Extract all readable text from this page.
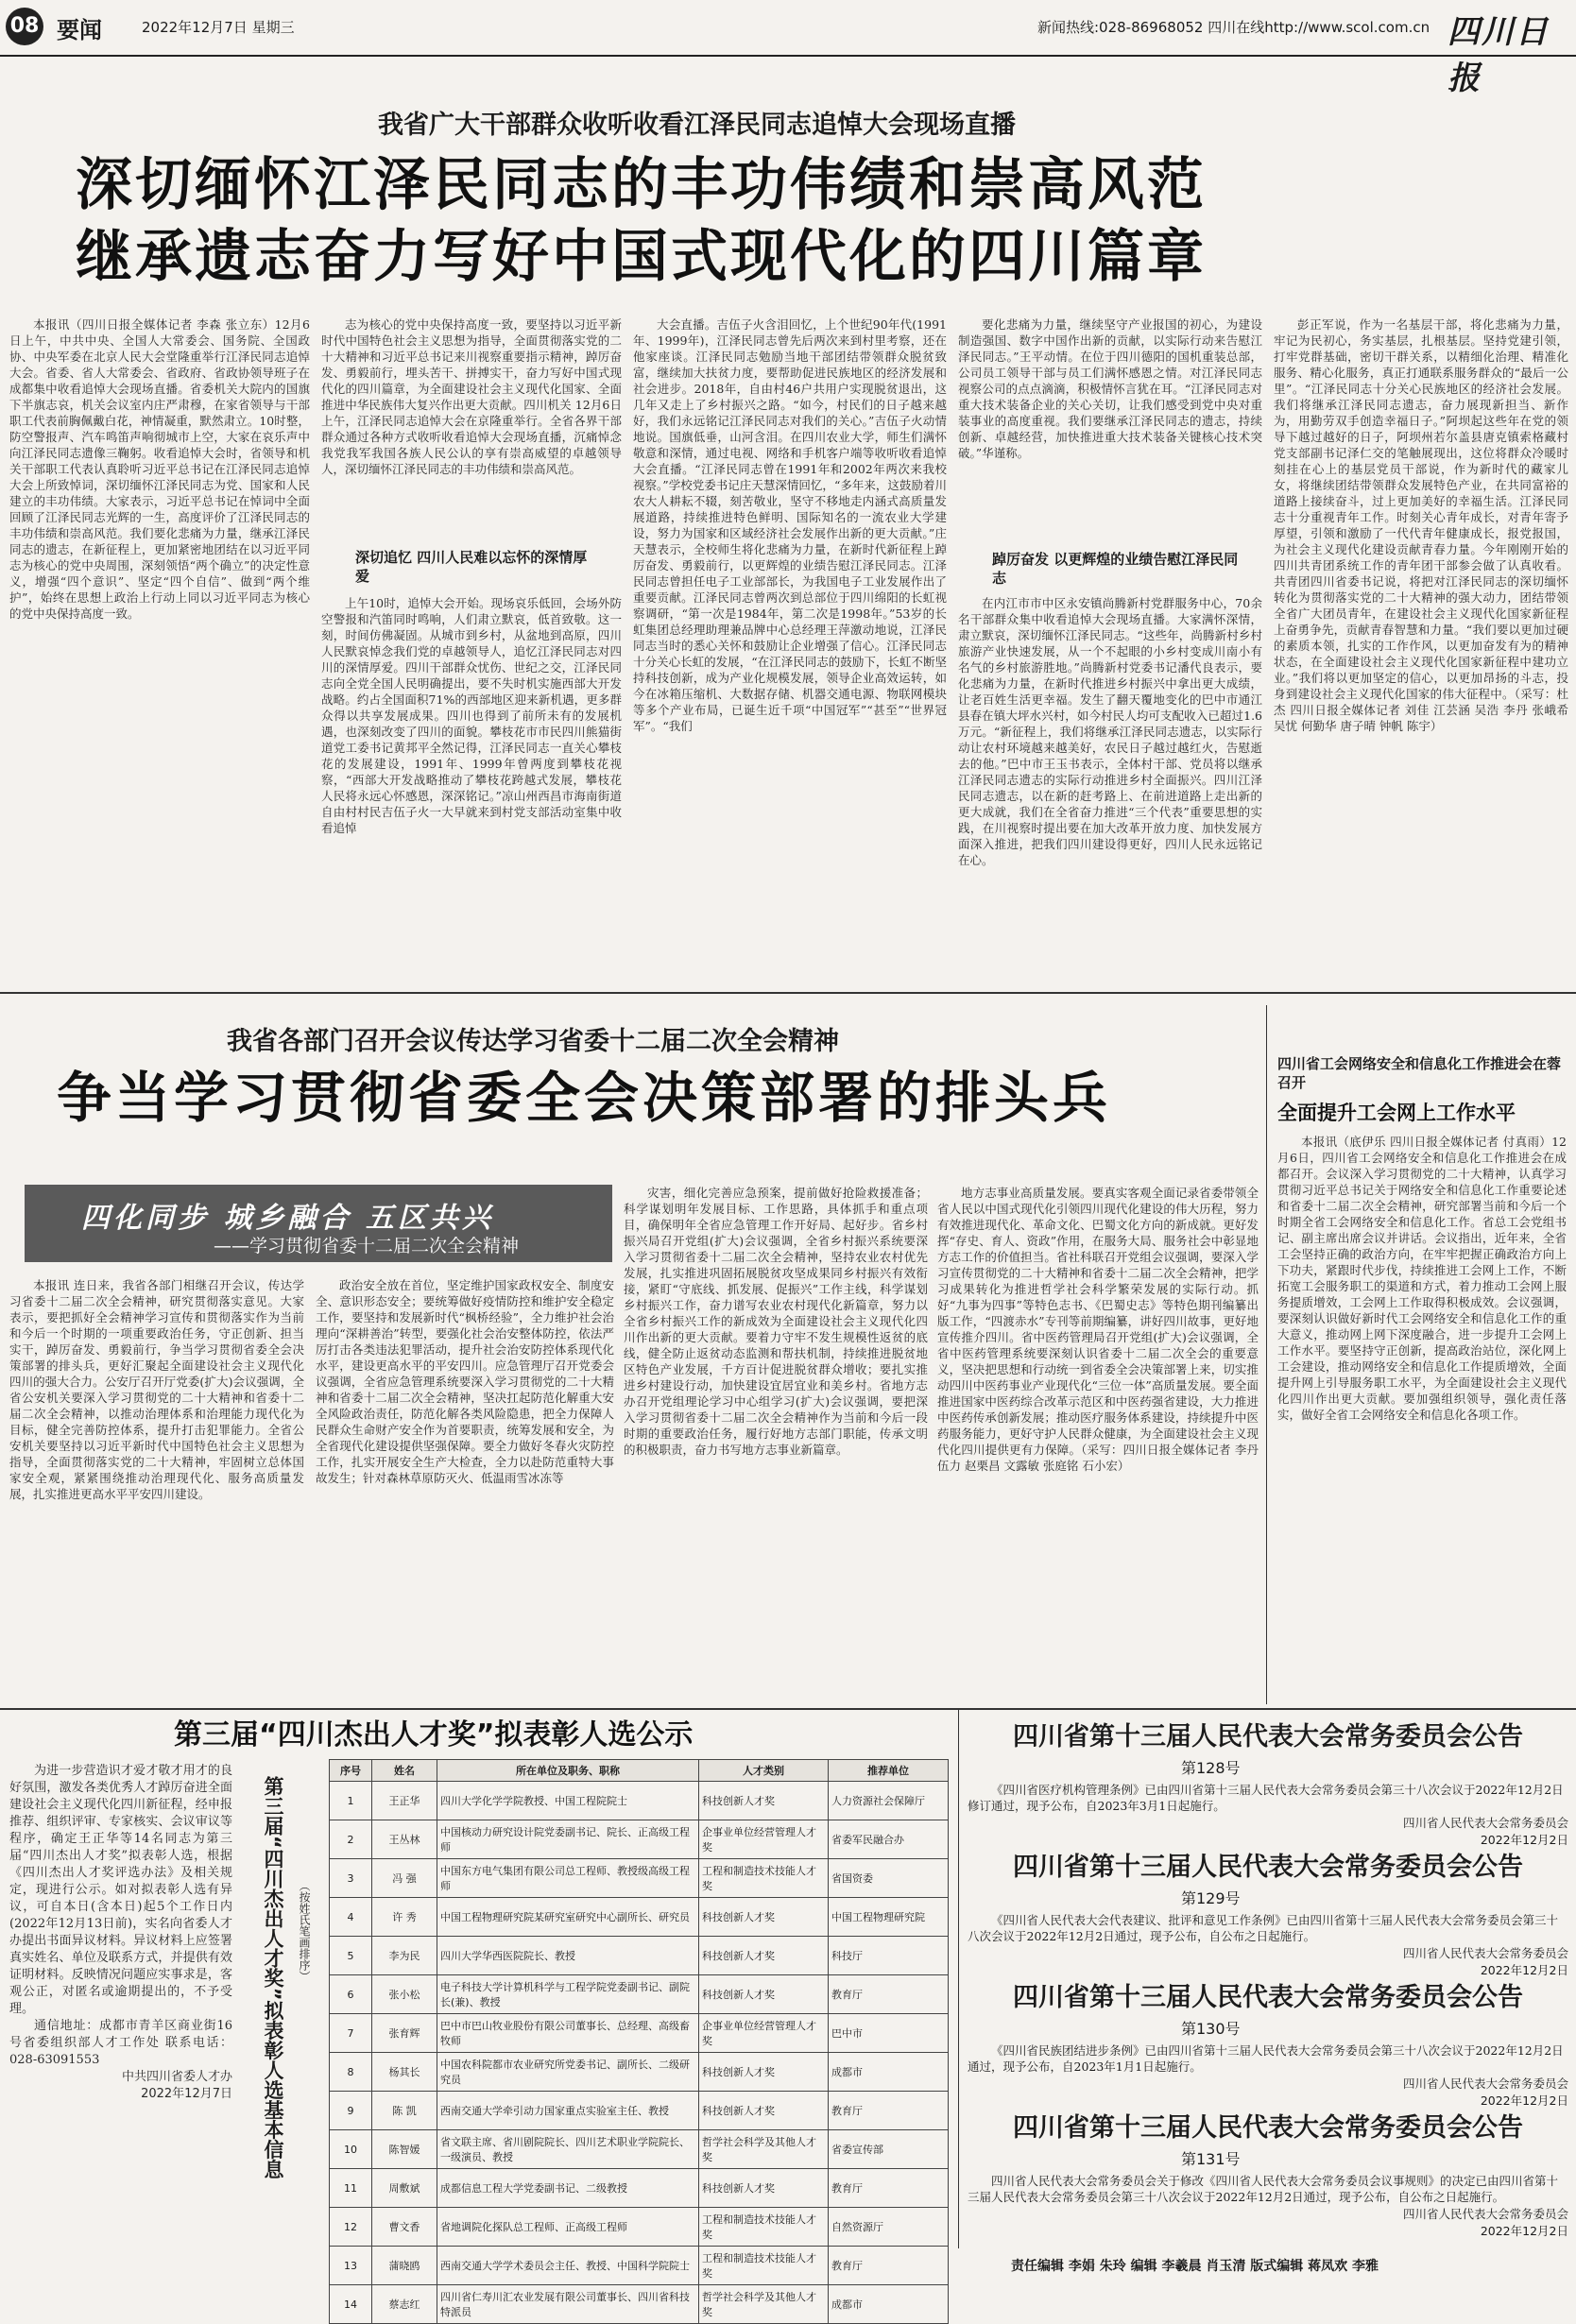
08 要闻	2022年12月7日 星期三	新闻热线:028-86968052 四川在线http://www.scol.com.cn 四川日报
我省广大干部群众收听收看江泽民同志追悼大会现场直播
深切缅怀江泽民同志的丰功伟绩和崇高风范
继承遗志奋力写好中国式现代化的四川篇章

本报讯（四川日报全媒体记者 李森 张立东）12月6日上午，中共中央、全国人大常委会、国务院、全国政协、中央军委在北京人民大会堂隆重举行江泽民同志追悼大会。省委、省人大常委会、省政府、省政协领导班子在成都集中收看追悼大会现场直播。省委机关大院内的国旗下半旗志哀，机关会议室内庄严肃穆，在家省领导与干部职工代表前胸佩戴白花，神情凝重，默然肃立。10时整，防空警报声、汽车鸣笛声响彻城市上空，大家在哀乐声中向江泽民同志遗像三鞠躬。收看追悼大会时，省领导和机关干部职工代表认真聆听习近平总书记在江泽民同志追悼大会上所致悼词，深切缅怀江泽民同志为党、国家和人民建立的丰功伟绩。大家表示，习近平总书记在悼词中全面回顾了江泽民同志光辉的一生，高度评价了江泽民同志的丰功伟绩和崇高风范。我们要化悲痛为力量，继承江泽民同志的遗志，在新征程上，更加紧密地团结在以习近平同志为核心的党中央周围，深刻领悟“两个确立”的决定性意义，增强“四个意识”、坚定“四个自信”、做到“两个维护”，始终在思想上政治上行动上同以习近平同志为核心的党中央保持高度一致。

志为核心的党中央保持高度一致，要坚持以习近平新时代中国特色社会主义思想为指导，全面贯彻落实党的二十大精神和习近平总书记来川视察重要指示精神，踔厉奋发、勇毅前行，埋头苦干、拼搏实干，奋力写好中国式现代化的四川篇章，为全面建设社会主义现代化国家、全面推进中华民族伟大复兴作出更大贡献。四川机关 12月6日上午，江泽民同志追悼大会在京隆重举行。全省各界干部群众通过各种方式收听收看追悼大会现场直播，沉痛悼念我党我军我国各族人民公认的享有崇高威望的卓越领导人，深切缅怀江泽民同志的丰功伟绩和崇高风范。

深切追忆 四川人民难以忘怀的深情厚爱

上午10时，追悼大会开始。现场哀乐低回，会场外防空警报和汽笛同时鸣响，人们肃立默哀，低首致敬。这一刻，时间仿佛凝固。从城市到乡村，从盆地到高原，四川人民默哀悼念我们党的卓越领导人，追忆江泽民同志对四川的深情厚爱。四川干部群众忧伤、世纪之交，江泽民同志向全党全国人民明确提出，要不失时机实施西部大开发战略。约占全国面积71%的西部地区迎来新机遇，更多群众得以共享发展成果。四川也得到了前所未有的发展机遇，也深刻改变了四川的面貌。攀枝花市市民四川熊猫街道党工委书记黄邦平全然记得，江泽民同志一直关心攀枝花的发展建设，1991年、1999年曾两度到攀枝花视察，“西部大开发战略推动了攀枝花跨越式发展，攀枝花人民将永远心怀感恩，深深铭记。”凉山州西昌市海南街道自由村村民吉伍子火一大早就来到村党支部活动室集中收看追悼

大会直播。吉伍子火含泪回忆，上个世纪90年代(1991年、1999年)，江泽民同志曾先后两次来到村里考察，还在他家座谈。江泽民同志勉励当地干部团结带领群众脱贫致富，继续加大扶贫力度，要帮助促进民族地区的经济发展和社会进步。2018年，自由村46户共用户实现脱贫退出，这几年又走上了乡村振兴之路。“如今，村民们的日子越来越好，我们永远铭记江泽民同志对我们的关心。”吉伍子火动情地说。国旗低垂，山河含泪。在四川农业大学，师生们满怀敬意和深情，通过电视、网络和手机客户端等收听收看追悼大会直播。“江泽民同志曾在1991年和2002年两次来我校视察。”学校党委书记庄天慧深情回忆，“多年来，这鼓励着川农大人耕耘不辍，刻苦敬业，坚守不移地走内涵式高质量发展道路，持续推进特色鲜明、国际知名的一流农业大学建设，努力为国家和区域经济社会发展作出新的更大贡献。”庄天慧表示，全校师生将化悲痛为力量，在新时代新征程上踔厉奋发、勇毅前行，以更辉煌的业绩告慰江泽民同志。江泽民同志曾担任电子工业部部长，为我国电子工业发展作出了重要贡献。江泽民同志曾两次到总部位于四川绵阳的长虹视察调研，“第一次是1984年，第二次是1998年。”53岁的长虹集团总经理助理兼品牌中心总经理王萍激动地说，江泽民同志当时的悉心关怀和鼓励让企业增强了信心。江泽民同志十分关心长虹的发展，“在江泽民同志的鼓励下，长虹不断坚持科技创新，成为产业化规模发展，领导企业高效运转，如今在冰箱压缩机、大数据存储、机器交通电源、物联网模块等多个产业布局，已诞生近千项“中国冠军”“甚至”“世界冠军”。“我们

要化悲痛为力量，继续坚守产业报国的初心，为建设制造强国、数字中国作出新的贡献，以实际行动来告慰江泽民同志。”王平动情。在位于四川德阳的国机重装总部，公司员工领导干部与员工们满怀感恩之情。对江泽民同志视察公司的点点滴滴，积极情怀言犹在耳。“江泽民同志对重大技术装备企业的关心关切，让我们感受到党中央对重装事业的高度重视。我们要继承江泽民同志的遗志，持续创新、卓越经营，加快推进重大技术装备关键核心技术突破。”华谨称。

踔厉奋发 以更辉煌的业绩告慰江泽民同志

在内江市市中区永安镇尚腾新村党群服务中心，70余名干部群众集中收看追悼大会现场直播。大家满怀深情，肃立默哀，深切缅怀江泽民同志。“这些年，尚腾新村乡村旅游产业快速发展，从一个不起眼的小乡村变成川南小有名气的乡村旅游胜地。”尚腾新村党委书记潘代良表示，要化悲痛为力量，在新时代推进乡村振兴中拿出更大成绩，让老百姓生活更幸福。发生了翻天覆地变化的巴中市通江县春在镇大坪水兴村，如今村民人均可支配收入已超过1.6万元。“新征程上，我们将继承江泽民同志遗志，以实际行动让农村环境越来越美好，农民日子越过越红火，告慰逝去的他。”巴中市王玉书表示，全体村干部、党员将以继承江泽民同志遗志的实际行动推进乡村全面振兴。四川江泽民同志遗志，以在新的赶考路上、在前进道路上走出新的更大成就，我们在全省奋力推进“三个代表”重要思想的实践，在川视察时提出要在加大改革开放力度、加快发展方面深入推进，把我们四川建设得更好，四川人民永远铭记在心。

彭正军说，作为一名基层干部，将化悲痛为力量，牢记为民初心，务实基层，扎根基层。坚持党建引领，打牢党群基础，密切干群关系，以精细化治理、精准化服务、精心化服务，真正打通联系服务群众的“最后一公里”。“江泽民同志十分关心民族地区的经济社会发展。我们将继承江泽民同志遗志，奋力展现新担当、新作为，用勤劳双手创造幸福日子。”阿坝起这些年在党的领导下越过越好的日子，阿坝州若尔盖县唐克镇索格藏村党支部副书记泽仁交的笔触展现出，这位将群众冷暖时刻挂在心上的基层党员干部说，作为新时代的藏家儿女，将继续团结带领群众发展特色产业，在共同富裕的道路上接续奋斗，过上更加美好的幸福生活。江泽民同志十分重视青年工作。时刻关心青年成长，对青年寄予厚望，引领和激励了一代代青年健康成长，报党报国，为社会主义现代化建设贡献青春力量。今年刚刚开始的四川共青团系统工作的青年团干部参会做了认真收看。共青团四川省委书记说，将把对江泽民同志的深切缅怀转化为贯彻落实党的二十大精神的强大动力，团结带领全省广大团员青年，在建设社会主义现代化国家新征程上奋勇争先，贡献青春智慧和力量。“我们要以更加过硬的素质本领，扎实的工作作风，以更加奋发有为的精神状态，在全面建设社会主义现代化国家新征程中建功立业。”我们将以更加坚定的信心，以更加昂扬的斗志，投身到建设社会主义现代化国家的伟大征程中。（采写：杜杰 四川日报全媒体记者 刘佳 江芸涵 吴浩 李丹 张峨希 吴忧 何勤华 唐子晴 钟帆 陈宇）

我省各部门召开会议传达学习省委十二届二次全会精神
争当学习贯彻省委全会决策部署的排头兵
四化同步 城乡融合 五区共兴
——学习贯彻省委十二届二次全会精神

本报讯 连日来，我省各部门相继召开会议，传达学习省委十二届二次全会精神，研究贯彻落实意见。大家表示，要把抓好全会精神学习宣传和贯彻落实作为当前和今后一个时期的一项重要政治任务，守正创新、担当实干，踔厉奋发、勇毅前行，争当学习贯彻省委全会决策部署的排头兵，更好汇聚起全面建设社会主义现代化四川的强大合力。公安厅召开厅党委(扩大)会议强调，全省公安机关要深入学习贯彻党的二十大精神和省委十二届二次全会精神，以推动治理体系和治理能力现代化为目标，健全完善防控体系，提升打击犯罪能力。全省公安机关要坚持以习近平新时代中国特色社会主义思想为指导，全面贯彻落实党的二十大精神，牢固树立总体国家安全观，紧紧围绕推动治理现代化、服务高质量发展，扎实推进更高水平平安四川建设。

政治安全放在首位，坚定维护国家政权安全、制度安全、意识形态安全；要统筹做好疫情防控和维护安全稳定工作，要坚持和发展新时代“枫桥经验”，全力维护社会治理向“深耕善治”转型，要强化社会治安整体防控，依法严厉打击各类违法犯罪活动，提升社会治安防控体系现代化水平，建设更高水平的平安四川。应急管理厅召开党委会议强调，全省应急管理系统要深入学习贯彻党的二十大精神和省委十二届二次全会精神，坚决扛起防范化解重大安全风险政治责任，防范化解各类风险隐患，把全力保障人民群众生命财产安全作为首要职责，统筹发展和安全，为全省现代化建设提供坚强保障。要全力做好冬春火灾防控工作，扎实开展安全生产大检查，全力以赴防范重特大事故发生；针对森林草原防灭火、低温雨雪冰冻等

灾害，细化完善应急预案，提前做好抢险救援准备；科学谋划明年发展目标、工作思路，具体抓手和重点项目，确保明年全省应急管理工作开好局、起好步。省乡村振兴局召开党组(扩大)会议强调，全省乡村振兴系统要深入学习贯彻省委十二届二次全会精神，坚持农业农村优先发展，扎实推进巩固拓展脱贫攻坚成果同乡村振兴有效衔接，紧盯“守底线、抓发展、促振兴”工作主线，科学谋划乡村振兴工作，奋力谱写农业农村现代化新篇章，努力以全省乡村振兴工作的新成效为全面建设社会主义现代化四川作出新的更大贡献。要着力守牢不发生规模性返贫的底线，健全防止返贫动态监测和帮扶机制，持续推进脱贫地区特色产业发展，千方百计促进脱贫群众增收；要扎实推进乡村建设行动，加快建设宜居宜业和美乡村。省地方志办召开党组理论学习中心组学习(扩大)会议强调，要把深入学习贯彻省委十二届二次全会精神作为当前和今后一段时期的重要政治任务，履行好地方志部门职能，传承文明的积极职责，奋力书写地方志事业新篇章。

地方志事业高质量发展。要真实客观全面记录省委带领全省人民以中国式现代化引领四川现代化建设的伟大历程，努力有效推进现代化、革命文化、巴蜀文化方向的新成就。更好发挥“存史、育人、资政”作用，在服务大局、服务社会中彰显地方志工作的价值担当。省社科联召开党组会议强调，要深入学习宣传贯彻党的二十大精神和省委十二届二次全会精神，把学习成果转化为推进哲学社会科学繁荣发展的实际行动。抓好“九事为四事”等特色志书、《巴蜀史志》等特色期刊编纂出版工作，“四渡赤水”专刊等前期编纂，讲好四川故事，更好地宣传推介四川。省中医药管理局召开党组(扩大)会议强调，全省中医药管理系统要深刻认识省委十二届二次全会的重要意义，坚决把思想和行动统一到省委全会决策部署上来，切实推动四川中医药事业产业现代化“三位一体”高质量发展。要全面推进国家中医药综合改革示范区和中医药强省建设，大力推进中医药传承创新发展；推动医疗服务体系建设，持续提升中医药服务能力，更好守护人民群众健康，为全面建设社会主义现代化四川提供更有力保障。（采写：四川日报全媒体记者 李丹 伍力 赵栗昌 文露敏 张庭铭 石小宏）

四川省工会网络安全和信息化工作推进会在蓉召开
全面提升工会网上工作水平

本报讯（底伊乐 四川日报全媒体记者 付真雨）12月6日，四川省工会网络安全和信息化工作推进会在成都召开。会议深入学习贯彻党的二十大精神，认真学习贯彻习近平总书记关于网络安全和信息化工作重要论述和省委十二届二次全会精神，研究部署当前和今后一个时期全省工会网络安全和信息化工作。省总工会党组书记、副主席出席会议并讲话。会议指出，近年来，全省工会坚持正确的政治方向，在牢牢把握正确政治方向上下功夫，紧跟时代步伐，持续推进工会网上工作，不断拓宽工会服务职工的渠道和方式，着力推动工会网上服务提质增效，工会网上工作取得积极成效。会议强调，要深刻认识做好新时代工会网络安全和信息化工作的重大意义，推动网上网下深度融合，进一步提升工会网上工作水平。要坚持守正创新，提高政治站位，深化网上工会建设，推动网络安全和信息化工作提质增效，全面提升网上引导服务职工水平，为全面建设社会主义现代化四川作出更大贡献。要加强组织领导，强化责任落实，做好全省工会网络安全和信息化各项工作。

第三届“四川杰出人才奖”拟表彰人选公示

为进一步营造识才爱才敬才用才的良好氛围，激发各类优秀人才踔厉奋进全面建设社会主义现代化四川新征程，经申报推荐、组织评审、专家核实、会议审议等程序，确定王正华等14名同志为第三届“四川杰出人才奖”拟表彰人选，根据《四川杰出人才奖评选办法》及相关规定，现进行公示。如对拟表彰人选有异议，可自本日(含本日)起5个工作日内(2022年12月13日前)，实名向省委人才办提出书面异议材料。异议材料上应签署真实姓名、单位及联系方式，并提供有效证明材料。反映情况问题应实事求是，客观公正，对匿名或逾期提出的，不予受理。

通信地址：成都市青羊区商业街16号省委组织部人才工作处 联系电话：028-63091553

中共四川省委人才办
2022年12月7日 第三届“四川杰出人才奖”拟表彰人选基本信息 （按姓氏笔画排序）
序号	姓名	所在单位及职务、职称	人才类别	推荐单位
1	王正华	四川大学化学学院教授、中国工程院院士	科技创新人才奖	人力资源社会保障厅
2	王丛林	中国核动力研究设计院党委副书记、院长、正高级工程师	企事业单位经营管理人才奖	省委军民融合办
3	冯 强	中国东方电气集团有限公司总工程师、教授级高级工程师	工程和制造技术技能人才奖	省国资委
4	许 秀	中国工程物理研究院某研究室研究中心副所长、研究员	科技创新人才奖	中国工程物理研究院
5	李为民	四川大学华西医院院长、教授	科技创新人才奖	科技厅
6	张小松	电子科技大学计算机科学与工程学院党委副书记、副院长(兼)、教授	科技创新人才奖	教育厅
7	张育辉	巴中市巴山牧业股份有限公司董事长、总经理、高级畜牧师	企事业单位经营管理人才奖	巴中市
8	杨其长	中国农科院都市农业研究所党委书记、副所长、二级研究员	科技创新人才奖	成都市
9	陈 凯	西南交通大学牵引动力国家重点实验室主任、教授	科技创新人才奖	教育厅
10	陈智媛	省文联主席、省川剧院院长、四川艺术职业学院院长、一级演员、教授	哲学社会科学及其他人才奖	省委宣传部
11	周敷斌	成都信息工程大学党委副书记、二级教授	科技创新人才奖	教育厅
12	曹文香	省地调院化探队总工程师、正高级工程师	工程和制造技术技能人才奖	自然资源厅
13	蒲晓鸥	西南交通大学学术委员会主任、教授、中国科学院院士	工程和制造技术技能人才奖	教育厅
14	蔡志红	四川省仁寿川汇农业发展有限公司董事长、四川省科技特派员	哲学社会科学及其他人才奖	成都市
四川省第十三届人民代表大会常务委员会公告
第128号
《四川省医疗机构管理条例》已由四川省第十三届人民代表大会常务委员会第三十八次会议于2022年12月2日修订通过，现予公布，自2023年3月1日起施行。
四川省人民代表大会常务委员会
2022年12月2日
四川省第十三届人民代表大会常务委员会公告
第129号
《四川省人民代表大会代表建议、批评和意见工作条例》已由四川省第十三届人民代表大会常务委员会第三十八次会议于2022年12月2日通过，现予公布，自公布之日起施行。
四川省人民代表大会常务委员会
2022年12月2日
四川省第十三届人民代表大会常务委员会公告
第130号
《四川省民族团结进步条例》已由四川省第十三届人民代表大会常务委员会第三十八次会议于2022年12月2日通过，现予公布，自2023年1月1日起施行。
四川省人民代表大会常务委员会
2022年12月2日
四川省第十三届人民代表大会常务委员会公告
第131号
四川省人民代表大会常务委员会关于修改《四川省人民代表大会常务委员会议事规则》的决定已由四川省第十三届人民代表大会常务委员会第三十八次会议于2022年12月2日通过，现予公布，自公布之日起施行。
四川省人民代表大会常务委员会
2022年12月2日
责任编辑 李娟 朱玲 编辑 李羲晨 肖玉清 版式编辑 蒋凤欢 李雅
